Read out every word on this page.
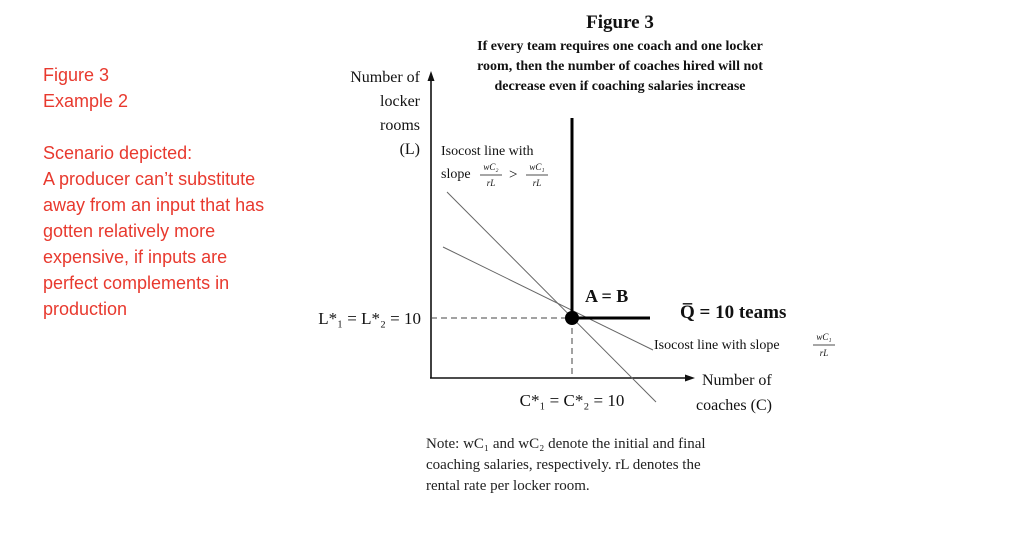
Figure 3
Example 2
Scenario depicted:
A producer can’t substitute
away from an input that has
gotten relatively more
expensive, if inputs are
perfect complements in
production
Figure 3
If every team requires one coach and one locker
room, then the number of coaches hired will not
decrease even if coaching salaries increase
Number of
locker
rooms
(L)
Number of
coaches (C)
L*₁ = L*₂ = 10
C*₁ = C*₂ = 10
A = B
Q̅ = 10 teams
Isocost line with slope
wC₁
rL
Isocost line with
slope wC₂
rL > wC₁
rL
Note: wC₁ and wC₂ denote the initial and final
coaching salaries, respectively. rL denotes the
rental rate per locker room.
